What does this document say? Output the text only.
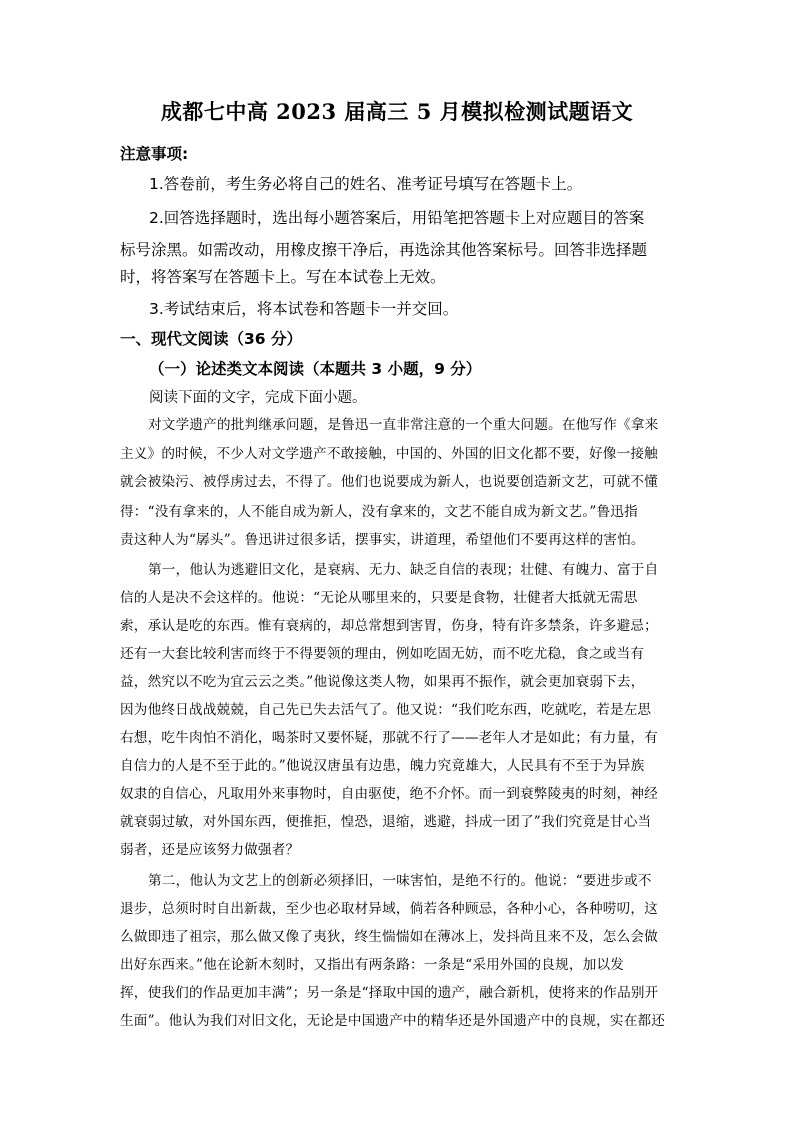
成都七中高 2023 届高三 5 月模拟检测试题语文
注意事项:
1.答卷前，考生务必将自己的姓名、准考证号填写在答题卡上。
2.回答选择题时，选出每小题答案后，用铅笔把答题卡上对应题目的答案
标号涂黑。如需改动，用橡皮擦干净后，再选涂其他答案标号。回答非选择题
时，将答案写在答题卡上。写在本试卷上无效。
3.考试结束后，将本试卷和答题卡一并交回。
一、现代文阅读（36 分）
（一）论述类文本阅读（本题共 3 小题，9 分）
阅读下面的文字，完成下面小题。
对文学遗产的批判继承问题，是鲁迅一直非常注意的一个重大问题。在他写作《拿来
主义》的时候，不少人对文学遗产不敢接触，中国的、外国的旧文化都不要，好像一接触
就会被染污、被俘虏过去，不得了。他们也说要成为新人，也说要创造新文艺，可就不懂
得：“没有拿来的，人不能自成为新人，没有拿来的，文艺不能自成为新文艺。”鲁迅指
责这种人为“孱头”。鲁迅讲过很多话，摆事实，讲道理，希望他们不要再这样的害怕。
第一，他认为逃避旧文化，是衰病、无力、缺乏自信的表现；壮健、有魄力、富于自
信的人是决不会这样的。他说：“无论从哪里来的，只要是食物，壮健者大抵就无需思
索，承认是吃的东西。惟有衰病的，却总常想到害胃，伤身，特有许多禁条，许多避忌；
还有一大套比较利害而终于不得要领的理由，例如吃固无妨，而不吃尤稳，食之或当有
益，然究以不吃为宜云云之类。”他说像这类人物，如果再不振作，就会更加衰弱下去，
因为他终日战战兢兢，自己先已失去活气了。他又说：“我们吃东西，吃就吃，若是左思
右想，吃牛肉怕不消化，喝茶时又要怀疑，那就不行了——老年人才是如此；有力量，有
自信力的人是不至于此的。”他说汉唐虽有边患，魄力究竟雄大，人民具有不至于为异族
奴隶的自信心，凡取用外来事物时，自由驱使，绝不介怀。而一到衰弊陵夷的时刻，神经
就衰弱过敏，对外国东西，便推拒，惶恐，退缩，逃避，抖成一团了”我们究竟是甘心当
弱者，还是应该努力做强者？
第二，他认为文艺上的创新必须择旧，一味害怕，是绝不行的。他说：“要进步或不
退步，总须时时自出新裁，至少也必取材异域，倘若各种顾忌，各种小心，各种唠叨，这
么做即违了祖宗，那么做又像了夷狄，终生惴惴如在薄冰上，发抖尚且来不及，怎么会做
出好东西来。”他在论新木刻时，又指出有两条路：一条是“采用外国的良规，加以发
挥，使我们的作品更加丰满”；另一条是“择取中国的遗产，融合新机，使将来的作品别开
生面”。他认为我们对旧文化，无论是中国遗产中的精华还是外国遗产中的良规，实在都还
